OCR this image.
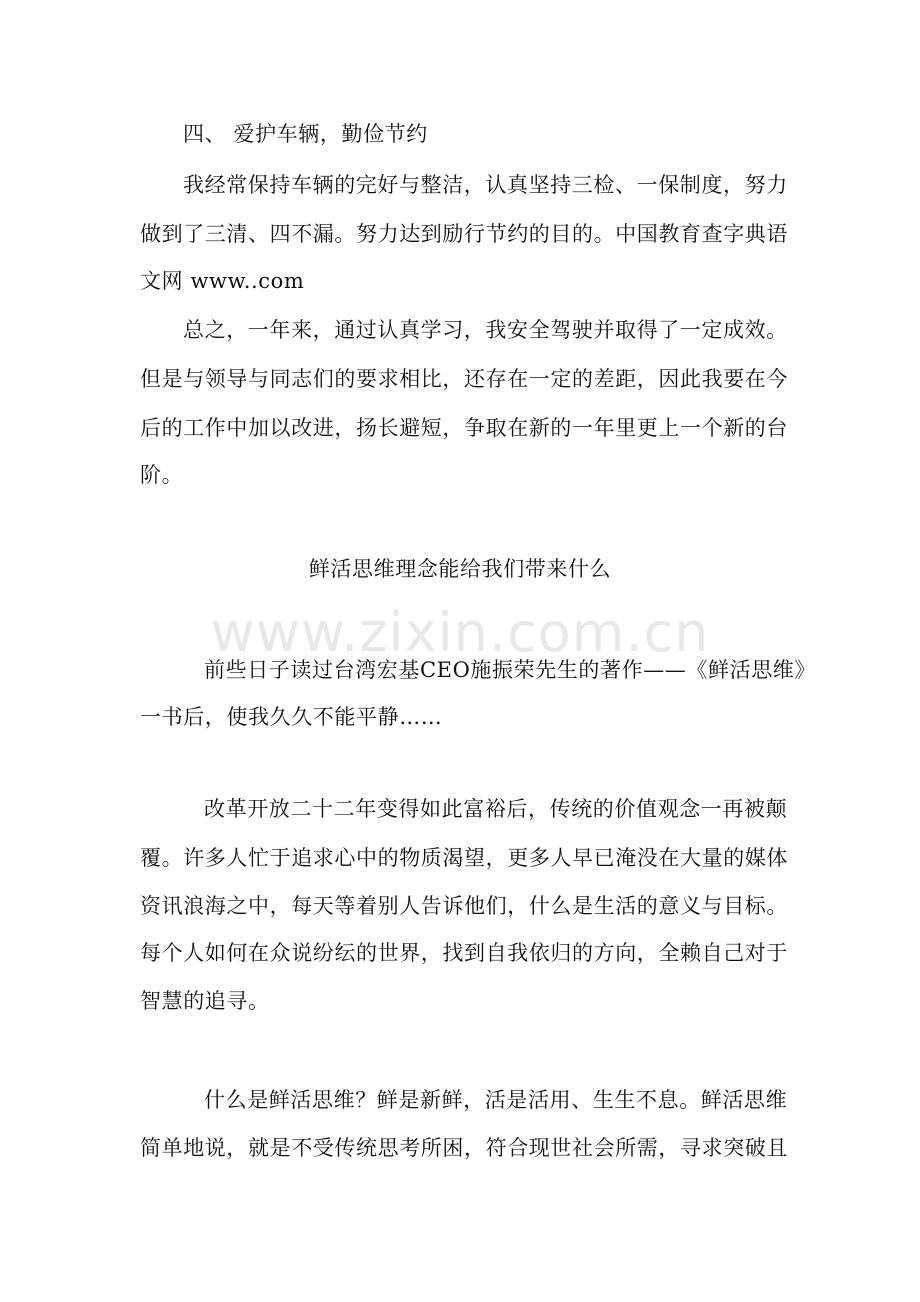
四、 爱护车辆，勤俭节约
我经常保持车辆的完好与整洁，认真坚持三检、一保制度，努力
做到了三清、四不漏。努力达到励行节约的目的。中国教育查字典语
文网 www..com
总之，一年来，通过认真学习，我安全驾驶并取得了一定成效。
但是与领导与同志们的要求相比，还存在一定的差距，因此我要在今
后的工作中加以改进，扬长避短，争取在新的一年里更上一个新的台
阶。
鲜活思维理念能给我们带来什么
www.zixin.com.cn
前些日子读过台湾宏基CEO施振荣先生的著作——《鲜活思维》
一书后，使我久久不能平静……
改革开放二十二年变得如此富裕后，传统的价值观念一再被颠
覆。许多人忙于追求心中的物质渴望，更多人早已淹没在大量的媒体
资讯浪海之中，每天等着别人告诉他们，什么是生活的意义与目标。
每个人如何在众说纷纭的世界，找到自我依归的方向，全赖自己对于
智慧的追寻。
什么是鲜活思维？鲜是新鲜，活是活用、生生不息。鲜活思维
简单地说，就是不受传统思考所困，符合现世社会所需，寻求突破且
